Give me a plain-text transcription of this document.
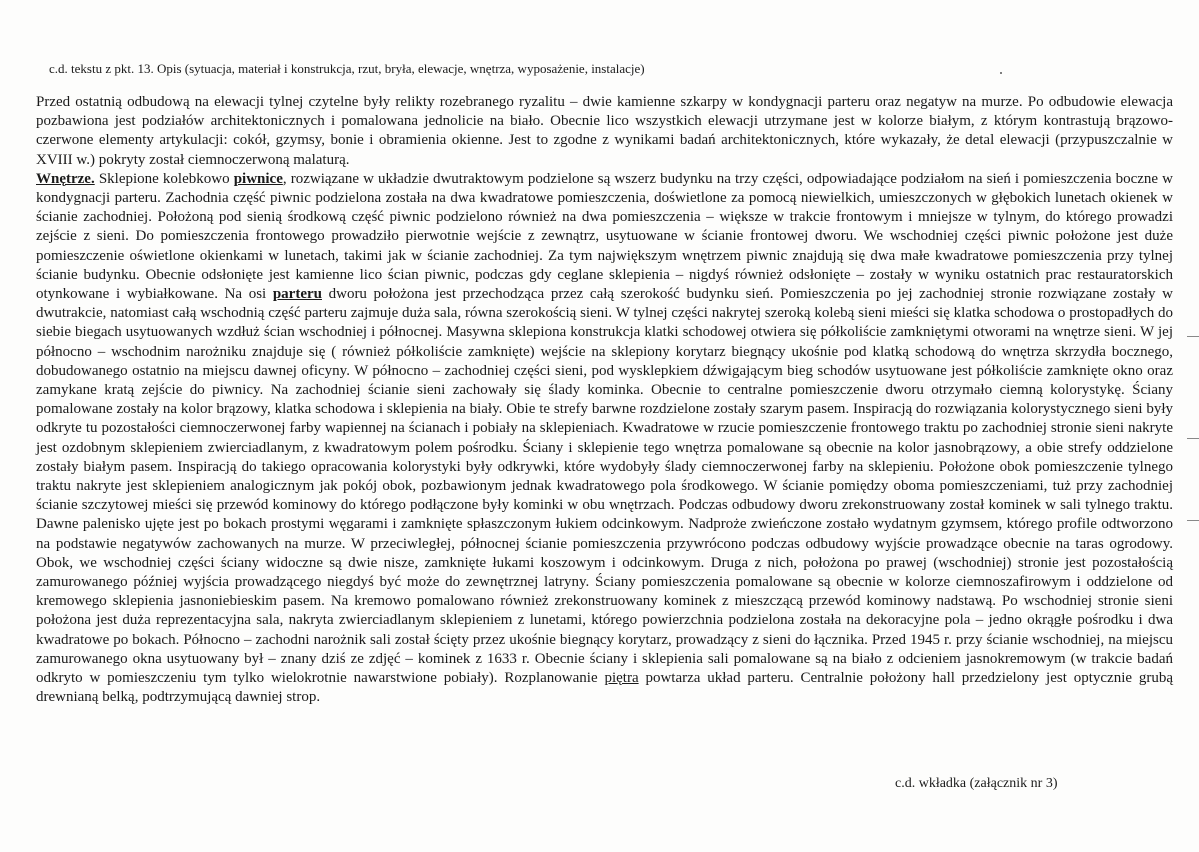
c.d. tekstu z pkt. 13. Opis (sytuacja, materiał i konstrukcja, rzut, bryła, elewacje, wnętrza, wyposażenie, instalacje)

Przed ostatnią odbudową na elewacji tylnej czytelne były relikty rozebranego ryzalitu – dwie kamienne szkarpy w kondygnacji parteru oraz negatyw na murze. Po odbudowie elewacja pozbawiona jest podziałów architektonicznych i pomalowana jednolicie na biało. Obecnie lico wszystkich elewacji utrzymane jest w kolorze białym, z którym kontrastują brązowo-czerwone elementy artykulacji: cokół, gzymsy, bonie i obramienia okienne. Jest to zgodne z wynikami badań architektonicznych, które wykazały, że detal elewacji (przypuszczalnie w XVIII w.) pokryty został ciemnoczerwoną malaturą.

Wnętrze. Sklepione kolebkowo piwnice, rozwiązane w układzie dwutraktowym podzielone są wszerz budynku na trzy części, odpowiadające podziałom na sień i pomieszczenia boczne w kondygnacji parteru. Zachodnia część piwnic podzielona została na dwa kwadratowe pomieszczenia, doświetlone za pomocą niewielkich, umieszczonych w głębokich lunetach okienek w ścianie zachodniej. Położoną pod sienią środkową część piwnic podzielono również na dwa pomieszczenia – większe w trakcie frontowym i mniejsze w tylnym, do którego prowadzi zejście z sieni. Do pomieszczenia frontowego prowadziło pierwotnie wejście z zewnątrz, usytuowane w ścianie frontowej dworu. We wschodniej części piwnic położone jest duże pomieszczenie oświetlone okienkami w lunetach, takimi jak w ścianie zachodniej. Za tym największym wnętrzem piwnic znajdują się dwa małe kwadratowe pomieszczenia przy tylnej ścianie budynku. Obecnie odsłonięte jest kamienne lico ścian piwnic, podczas gdy ceglane sklepienia – nigdyś również odsłonięte – zostały w wyniku ostatnich prac restauratorskich otynkowane i wybiałkowane. Na osi parteru dworu położona jest przechodząca przez całą szerokość budynku sień. Pomieszczenia po jej zachodniej stronie rozwiązane zostały w dwutrakcie, natomiast całą wschodnią część parteru zajmuje duża sala, równa szerokością sieni. W tylnej części nakrytej szeroką kolebą sieni mieści się klatka schodowa o prostopadłych do siebie biegach usytuowanych wzdłuż ścian wschodniej i północnej. Masywna sklepiona konstrukcja klatki schodowej otwiera się półkoliście zamkniętymi otworami na wnętrze sieni. W jej północno – wschodnim narożniku znajduje się ( również półkoliście zamknięte) wejście na sklepiony korytarz biegnący ukośnie pod klatką schodową do wnętrza skrzydła bocznego, dobudowanego ostatnio na miejscu dawnej oficyny. W północno – zachodniej części sieni, pod wysklepkiem dźwigającym bieg schodów usytuowane jest półkoliście zamknięte okno oraz zamykane kratą zejście do piwnicy. Na zachodniej ścianie sieni zachowały się ślady kominka. Obecnie to centralne pomieszczenie dworu otrzymało ciemną kolorystykę. Ściany pomalowane zostały na kolor brązowy, klatka schodowa i sklepienia na biały. Obie te strefy barwne rozdzielone zostały szarym pasem. Inspiracją do rozwiązania kolorystycznego sieni były odkryte tu pozostałości ciemnoczerwonej farby wapiennej na ścianach i pobiały na sklepieniach. Kwadratowe w rzucie pomieszczenie frontowego traktu po zachodniej stronie sieni nakryte jest ozdobnym sklepieniem zwierciadlanym, z kwadratowym polem pośrodku. Ściany i sklepienie tego wnętrza pomalowane są obecnie na kolor jasnobrązowy, a obie strefy oddzielone zostały białym pasem. Inspiracją do takiego opracowania kolorystyki były odkrywki, które wydobyły ślady ciemnoczerwonej farby na sklepieniu. Położone obok pomieszczenie tylnego traktu nakryte jest sklepieniem analogicznym jak pokój obok, pozbawionym jednak kwadratowego pola środkowego. W ścianie pomiędzy oboma pomieszczeniami, tuż przy zachodniej ścianie szczytowej mieści się przewód kominowy do którego podłączone były kominki w obu wnętrzach. Podczas odbudowy dworu zrekonstruowany został kominek w sali tylnego traktu. Dawne palenisko ujęte jest po bokach prostymi węgarami i zamknięte spłaszczonym łukiem odcinkowym. Nadproże zwieńczone zostało wydatnym gzymsem, którego profile odtworzono na podstawie negatywów zachowanych na murze. W przeciwległej, północnej ścianie pomieszczenia przywrócono podczas odbudowy wyjście prowadzące obecnie na taras ogrodowy. Obok, we wschodniej części ściany widoczne są dwie nisze, zamknięte łukami koszowym i odcinkowym. Druga z nich, położona po prawej (wschodniej) stronie jest pozostałością zamurowanego później wyjścia prowadzącego niegdyś być może do zewnętrznej latryny. Ściany pomieszczenia pomalowane są obecnie w kolorze ciemnoszafirowym i oddzielone od kremowego sklepienia jasnoniebieskim pasem. Na kremowo pomalowano również zrekonstruowany kominek z mieszczącą przewód kominowy nadstawą. Po wschodniej stronie sieni położona jest duża reprezentacyjna sala, nakryta zwierciadlanym sklepieniem z lunetami, którego powierzchnia podzielona została na dekoracyjne pola – jedno okrągłe pośrodku i dwa kwadratowe po bokach. Północno – zachodni narożnik sali został ścięty przez ukośnie biegnący korytarz, prowadzący z sieni do łącznika. Przed 1945 r. przy ścianie wschodniej, na miejscu zamurowanego okna usytuowany był – znany dziś ze zdjęć – kominek z 1633 r. Obecnie ściany i sklepienia sali pomalowane są na biało z odcieniem jasnokremowym (w trakcie badań odkryto w pomieszczeniu tym tylko wielokrotnie nawarstwione pobiały). Rozplanowanie piętra powtarza układ parteru. Centralnie położony hall przedzielony jest optycznie grubą drewnianą belką, podtrzymującą dawniej strop.

c.d. wkładka (załącznik nr 3)
